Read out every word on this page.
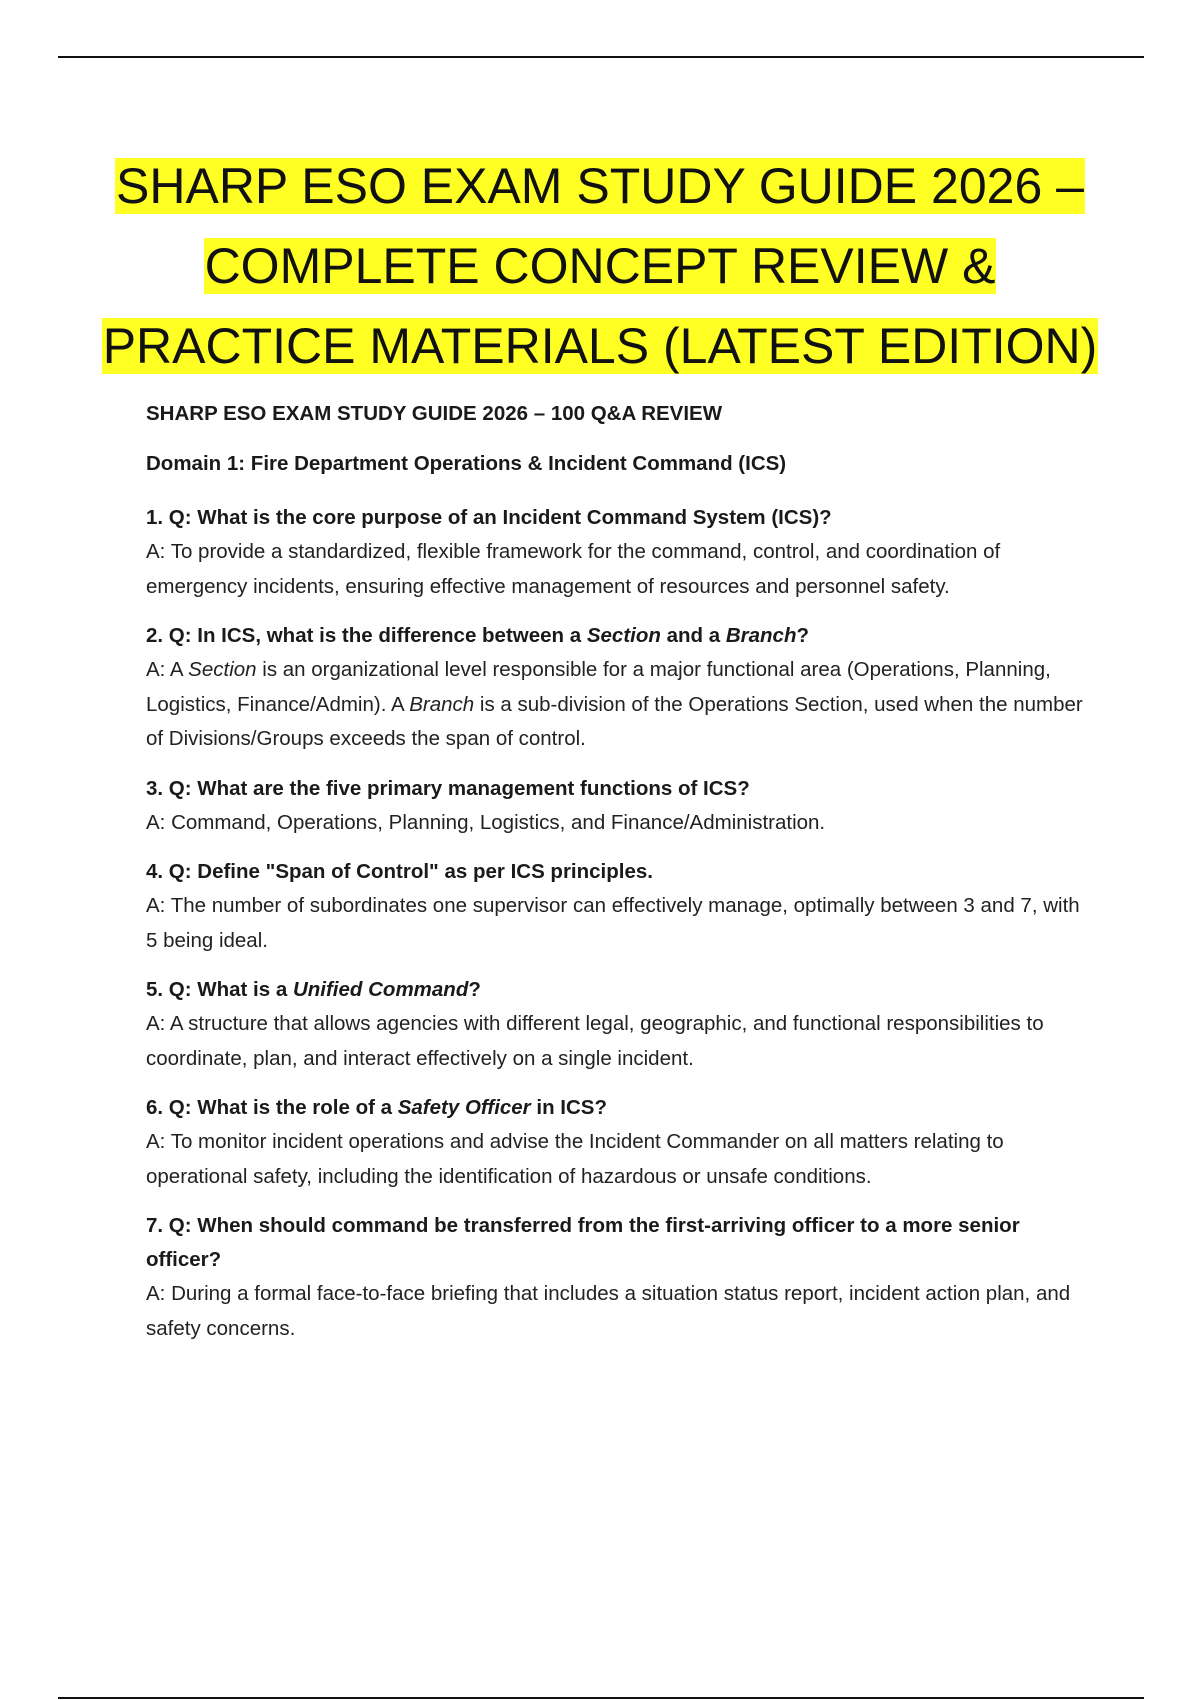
SHARP ESO EXAM STUDY GUIDE 2026 –
COMPLETE CONCEPT REVIEW &
PRACTICE MATERIALS (LATEST EDITION)
SHARP ESO EXAM STUDY GUIDE 2026 – 100 Q&A REVIEW
Domain 1: Fire Department Operations & Incident Command (ICS)
1. Q: What is the core purpose of an Incident Command System (ICS)?
A: To provide a standardized, flexible framework for the command, control, and coordination of emergency incidents, ensuring effective management of resources and personnel safety.
2. Q: In ICS, what is the difference between a Section and a Branch?
A: A Section is an organizational level responsible for a major functional area (Operations, Planning, Logistics, Finance/Admin). A Branch is a sub-division of the Operations Section, used when the number of Divisions/Groups exceeds the span of control.
3. Q: What are the five primary management functions of ICS?
A: Command, Operations, Planning, Logistics, and Finance/Administration.
4. Q: Define "Span of Control" as per ICS principles.
A: The number of subordinates one supervisor can effectively manage, optimally between 3 and 7, with 5 being ideal.
5. Q: What is a Unified Command?
A: A structure that allows agencies with different legal, geographic, and functional responsibilities to coordinate, plan, and interact effectively on a single incident.
6. Q: What is the role of a Safety Officer in ICS?
A: To monitor incident operations and advise the Incident Commander on all matters relating to operational safety, including the identification of hazardous or unsafe conditions.
7. Q: When should command be transferred from the first-arriving officer to a more senior officer?
A: During a formal face-to-face briefing that includes a situation status report, incident action plan, and safety concerns.
